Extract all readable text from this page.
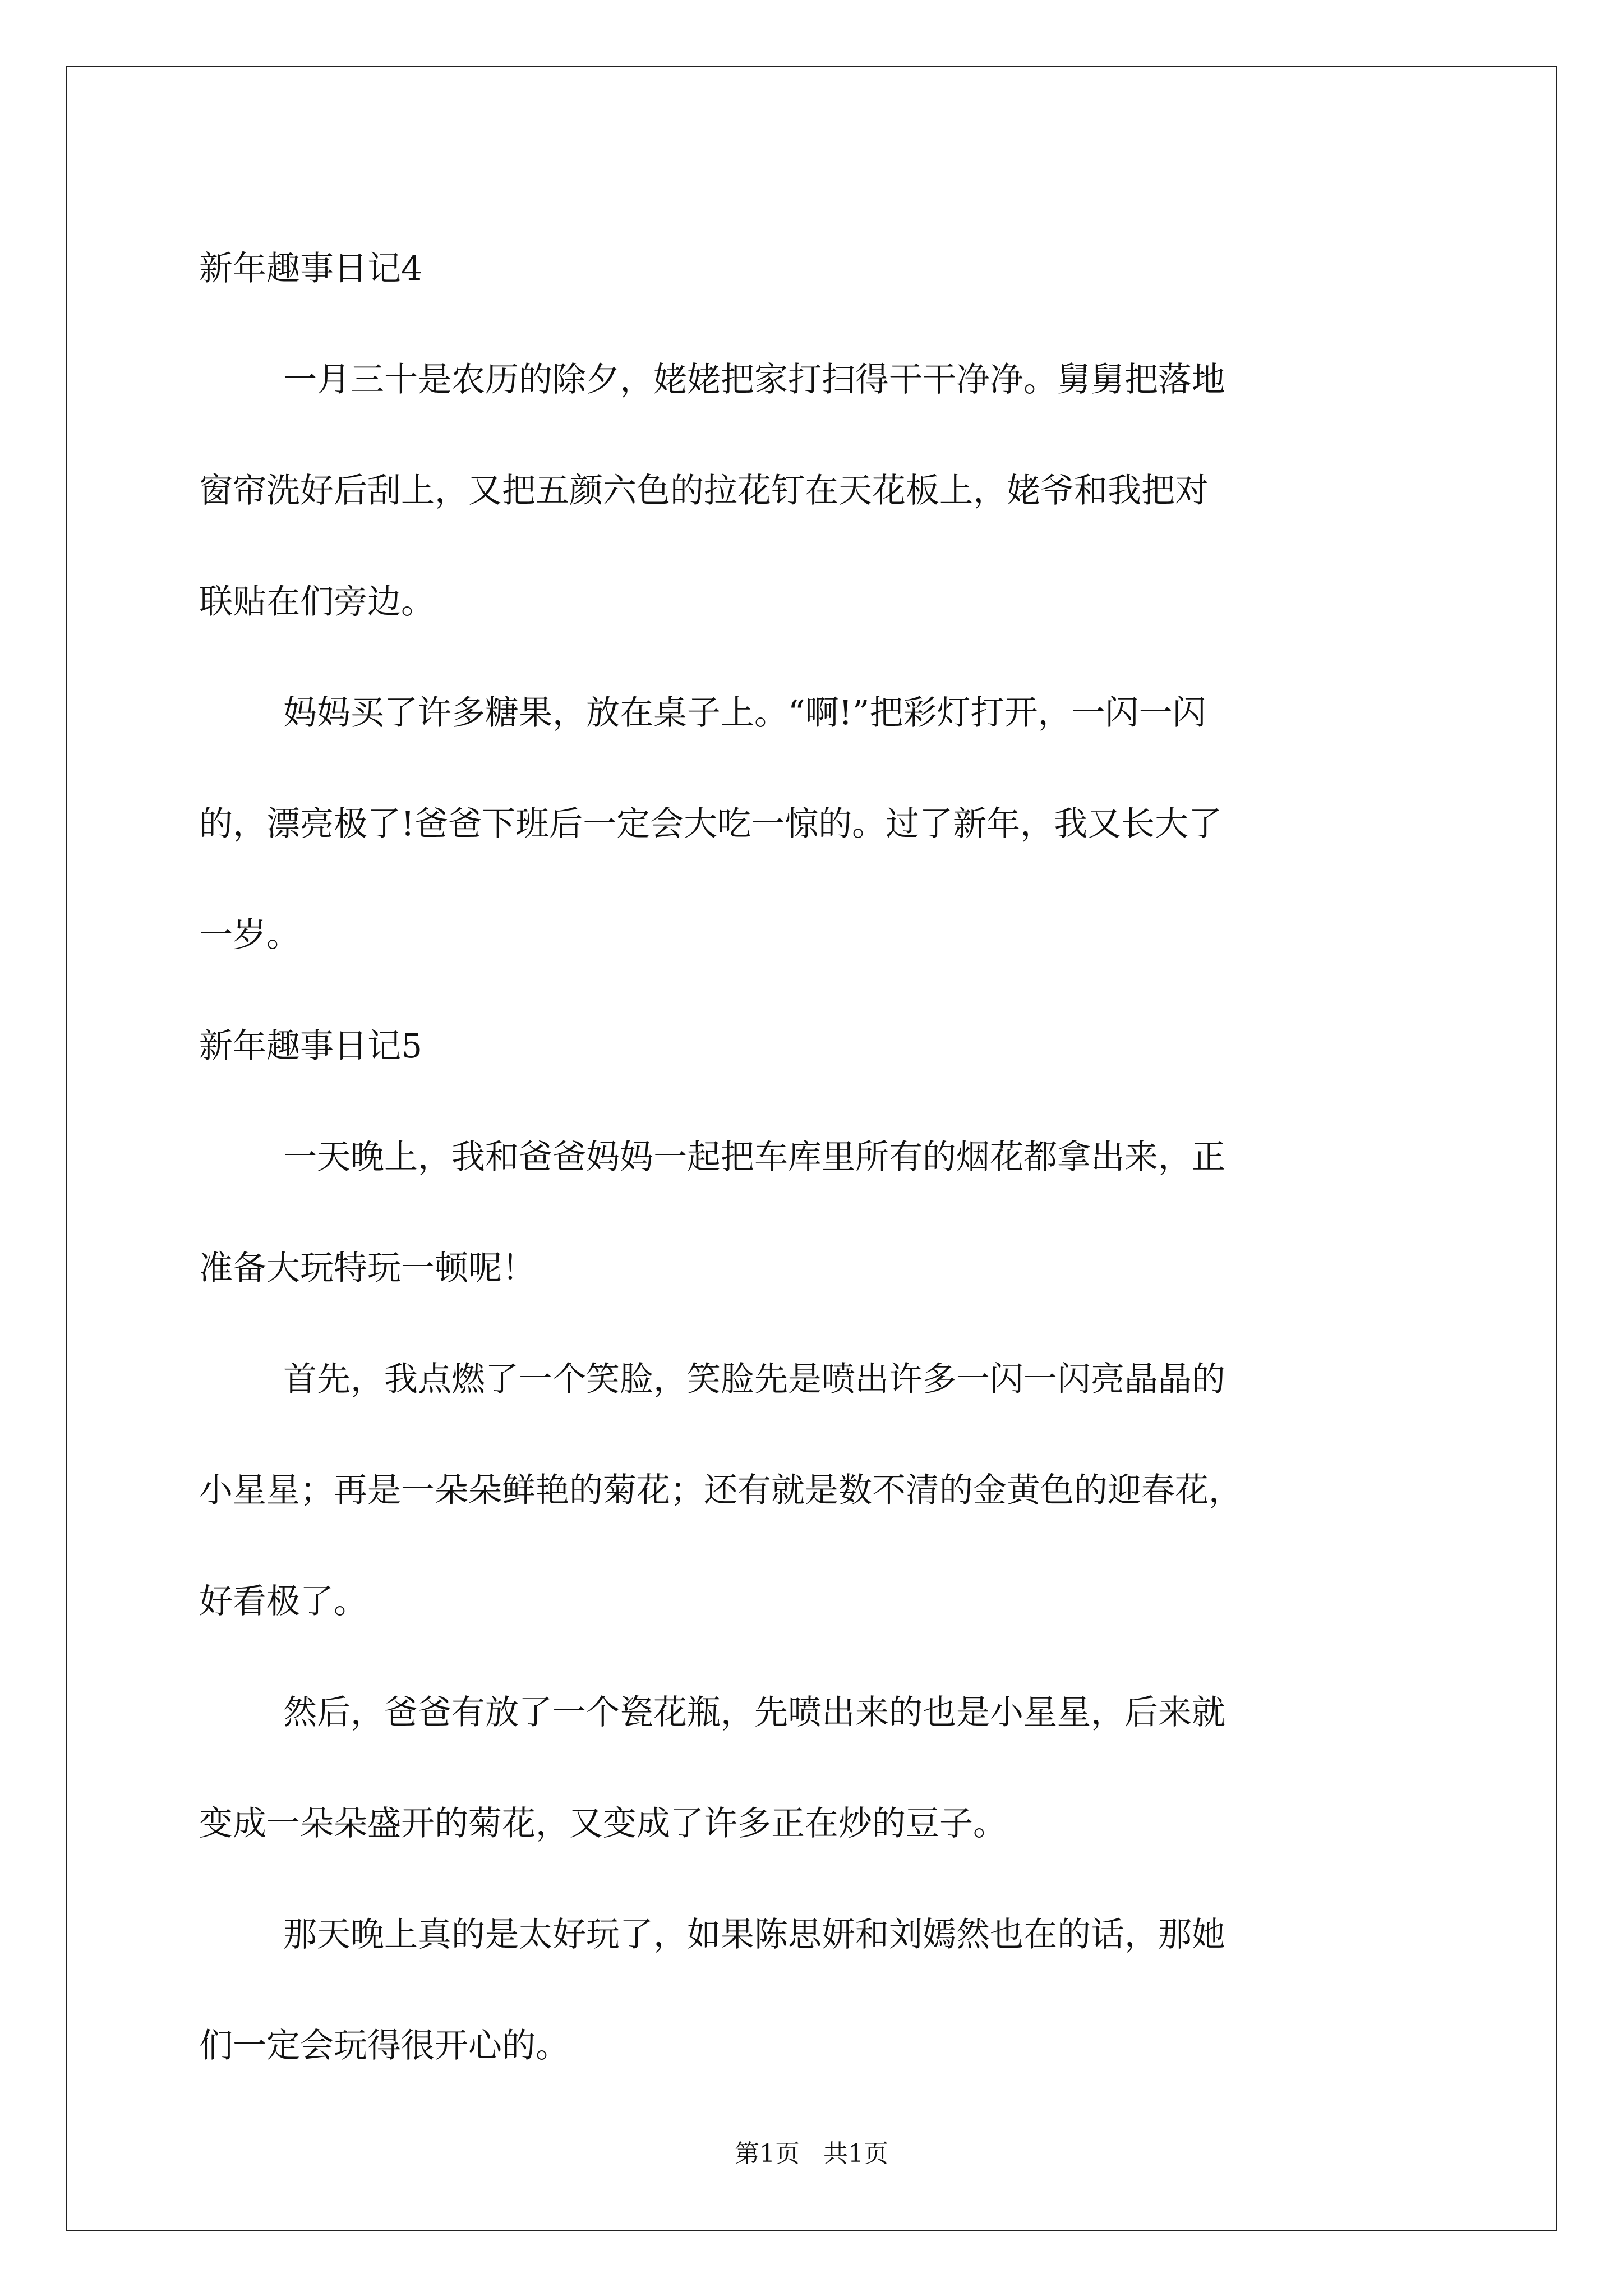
新年趣事日记4
一月三十是农历的除夕，姥姥把家打扫得干干净净。舅舅把落地
窗帘洗好后刮上，又把五颜六色的拉花钉在天花板上，姥爷和我把对
联贴在们旁边。
妈妈买了许多糖果，放在桌子上。“啊!”把彩灯打开，一闪一闪
的，漂亮极了!爸爸下班后一定会大吃一惊的。过了新年，我又长大了
一岁。
新年趣事日记5
一天晚上，我和爸爸妈妈一起把车库里所有的烟花都拿出来，正
准备大玩特玩一顿呢！
首先，我点燃了一个笑脸，笑脸先是喷出许多一闪一闪亮晶晶的
小星星；再是一朵朵鲜艳的菊花；还有就是数不清的金黄色的迎春花，
好看极了。
然后，爸爸有放了一个瓷花瓶，先喷出来的也是小星星，后来就
变成一朵朵盛开的菊花，又变成了许多正在炒的豆子。
那天晚上真的是太好玩了，如果陈思妍和刘嫣然也在的话，那她
们一定会玩得很开心的。
第1页   共1页
